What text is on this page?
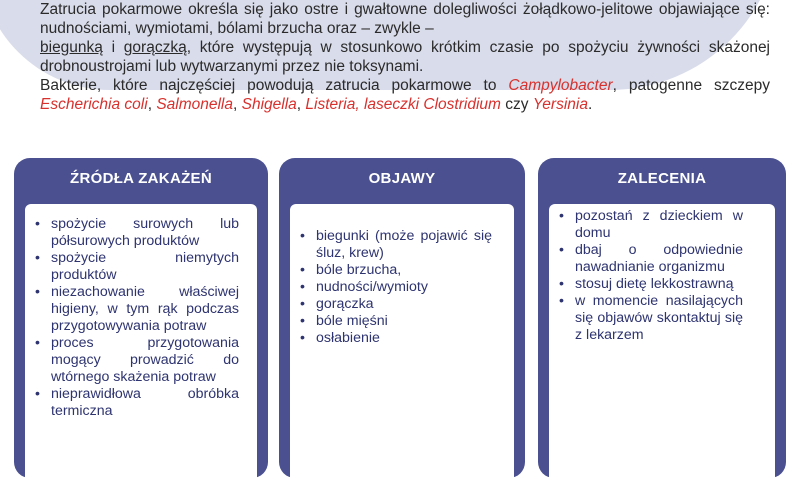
Zatrucia pokarmowe określa się jako ostre i gwałtowne dolegliwości żołądkowo-jelitowe objawiające się: nudnościami, wymiotami, bólami brzucha oraz – zwykle –
biegunką i gorączką, które występują w stosunkowo krótkim czasie po spożyciu żywności skażonej drobnoustrojami lub wytwarzanymi przez nie toksynami.

Bakterie, które najczęściej powodują zatrucia pokarmowe to Campylobacter, patogenne szczepy Escherichia coli, Salmonella, Shigella, Listeria, laseczki Clostridium czy Yersinia.

ŹRÓDŁA ZAKAŻEŃ
• spożycie surowych lub półsurowych produktów
• spożycie niemytych produktów
• niezachowanie właściwej higieny, w tym rąk podczas przygotowywania potraw
• proces przygotowania mogący prowadzić do wtórnego skażenia potraw
• nieprawidłowa obróbka termiczna
OBJAWY
• biegunki (może pojawić się śluz, krew)
• bóle brzucha,
• nudności/wymioty
• gorączka
• bóle mięśni
• osłabienie
ZALECENIA
• pozostań z dzieckiem w domu
• dbaj o odpowiednie nawadnianie organizmu
• stosuj dietę lekkostrawną
• w momencie nasilających się objawów skontaktuj się z lekarzem
